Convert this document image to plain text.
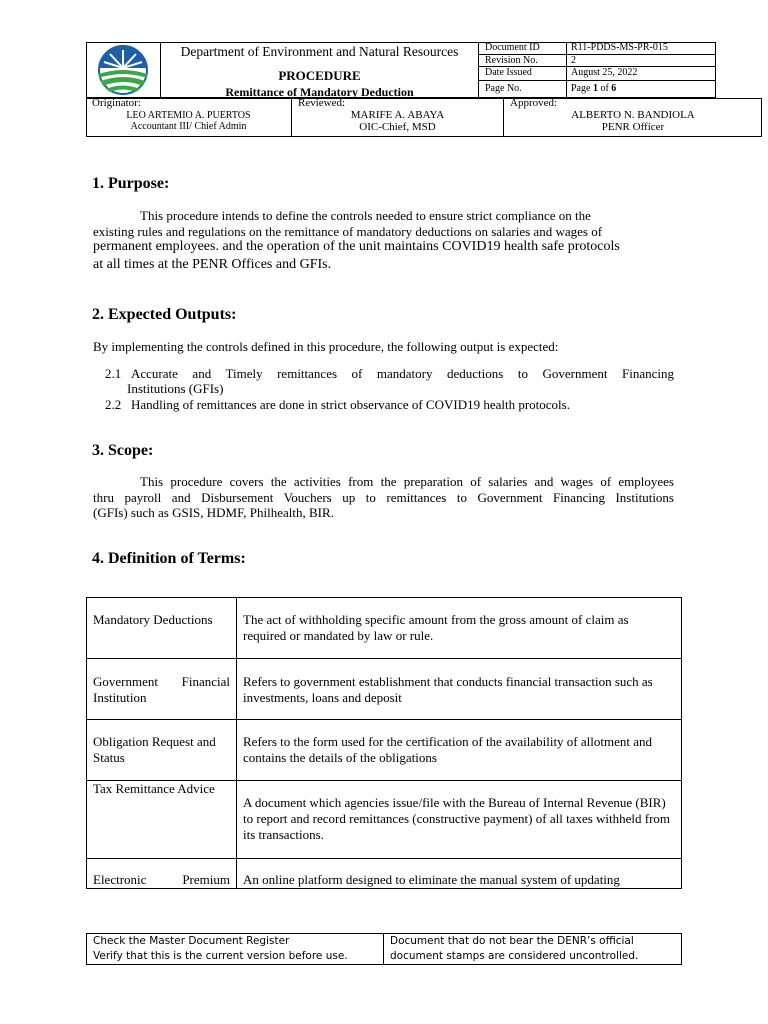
Department of Environment and Natural Resources
PROCEDURE
Remittance of Mandatory Deduction
Document ID	R11-PDDS-MS-PR-015
Revision No.	2
Date Issued	August 25, 2022
Page No.	Page 1 of 6
Originator:
LEO ARTEMIO A. PUERTOS
Accountant III/ Chief Admin
Reviewed:
MARIFE A. ABAYA
OIC-Chief, MSD
Approved:
ALBERTO N. BANDIOLA
PENR Officer
1. Purpose:
This procedure intends to define the controls needed to ensure strict compliance on the
existing rules and regulations on the remittance of mandatory deductions on salaries and wages of
permanent employees. and the operation of the unit maintains COVID19 health safe protocols
at all times at the PENR Offices and GFIs.
2. Expected Outputs:
By implementing the controls defined in this procedure, the following output is expected:
2.1 Accurate and Timely remittances of mandatory deductions to Government Financing
Institutions (GFIs)
2.2 Handling of remittances are done in strict observance of COVID19 health protocols.
3. Scope:
This procedure covers the activities from the preparation of salaries and wages of employees
thru payroll and Disbursement Vouchers up to remittances to Government Financing Institutions
(GFIs) such as GSIS, HDMF, Philhealth, BIR.
4. Definition of Terms:
Mandatory Deductions	The act of withholding specific amount from the gross amount of claim as required or mandated by law or rule.
Government Financial Institution	Refers to government establishment that conducts financial transaction such as investments, loans and deposit
Obligation Request and Status	Refers to the form used for the certification of the availability of allotment and contains the details of the obligations
Tax Remittance Advice	A document which agencies issue/file with the Bureau of Internal Revenue (BIR) to report and record remittances (constructive payment) of all taxes withheld from its transactions.
Electronic Premium	An online platform designed to eliminate the manual system of updating
Check the Master Document Register
Verify that this is the current version before use.
Document that do not bear the DENR’s official
document stamps are considered uncontrolled.
